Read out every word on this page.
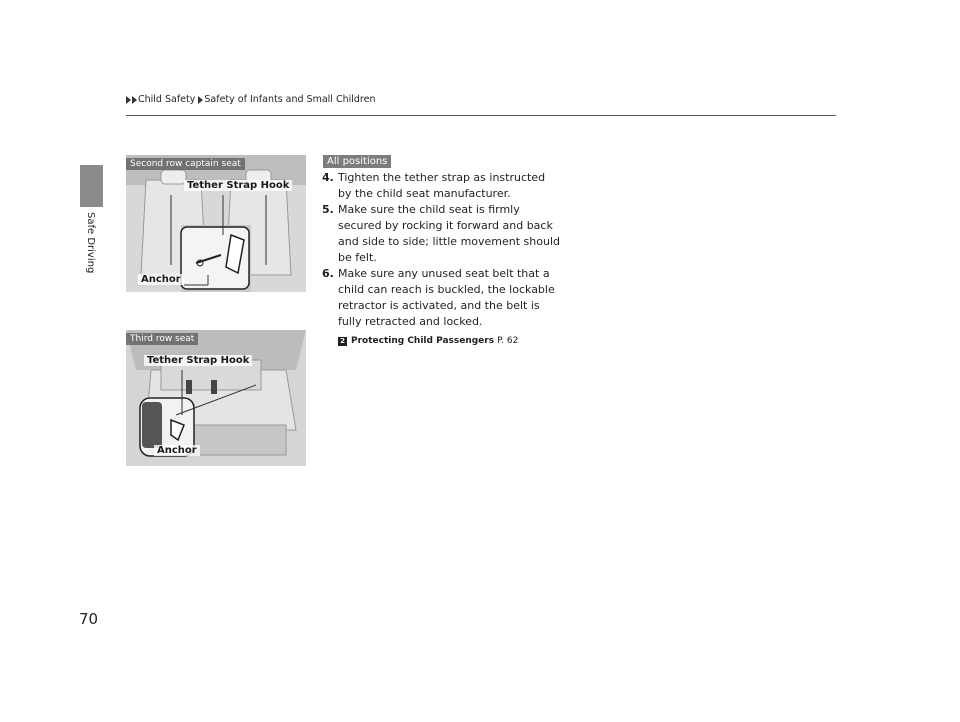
Safe Driving
Child Safety Safety of Infants and Small Children
Second row captain seat
Tether Strap Hook
Anchor
Third row seat
Tether Strap Hook
Anchor
All positions
4. Tighten the tether strap as instructed by the child seat manufacturer.
5. Make sure the child seat is firmly secured by rocking it forward and back and side to side; little movement should be felt.
6. Make sure any unused seat belt that a child can reach is buckled, the lockable retractor is activated, and the belt is fully retracted and locked.
2 Protecting Child Passengers P. 62
70
